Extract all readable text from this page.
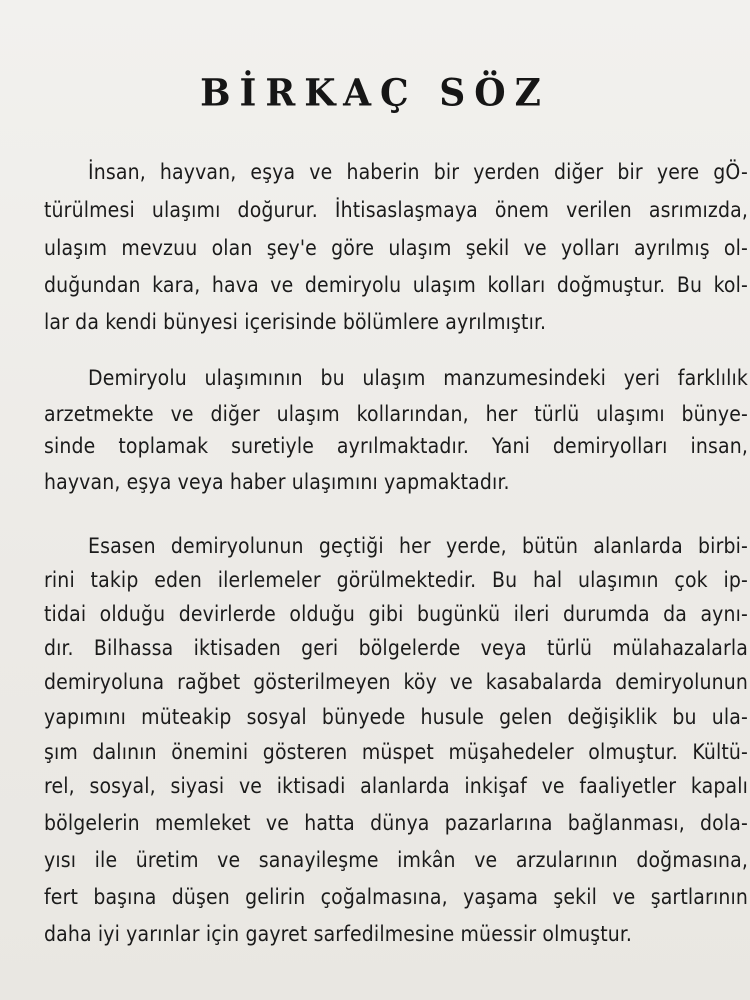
BİRKAÇ SÖZ

İnsan, hayvan, eşya ve haberin bir yerden diğer bir yere gÖ-

türülmesi ulaşımı doğurur. İhtisaslaşmaya önem verilen asrımızda,

ulaşım mevzuu olan şey'e göre ulaşım şekil ve yolları ayrılmış ol-

duğundan kara, hava ve demiryolu ulaşım kolları doğmuştur. Bu kol-

lar da kendi bünyesi içerisinde bölümlere ayrılmıştır.

Demiryolu ulaşımının bu ulaşım manzumesindeki yeri farklılık

arzetmekte ve diğer ulaşım kollarından, her türlü ulaşımı bünye-

sinde toplamak suretiyle ayrılmaktadır. Yani demiryolları insan,

hayvan, eşya veya haber ulaşımını yapmaktadır.

Esasen demiryolunun geçtiği her yerde, bütün alanlarda birbi-

rini takip eden ilerlemeler görülmektedir. Bu hal ulaşımın çok ip-

tidai olduğu devirlerde olduğu gibi bugünkü ileri durumda da aynı-

dır. Bilhassa iktisaden geri bölgelerde veya türlü mülahazalarla

demiryoluna rağbet gösterilmeyen köy ve kasabalarda demiryolunun

yapımını müteakip sosyal bünyede husule gelen değişiklik bu ula-

şım dalının önemini gösteren müspet müşahedeler olmuştur. Kültü-

rel, sosyal, siyasi ve iktisadi alanlarda inkişaf ve faaliyetler kapalı

bölgelerin memleket ve hatta dünya pazarlarına bağlanması, dola-

yısı ile üretim ve sanayileşme imkân ve arzularının doğmasına,

fert başına düşen gelirin çoğalmasına, yaşama şekil ve şartlarının

daha iyi yarınlar için gayret sarfedilmesine müessir olmuştur.
